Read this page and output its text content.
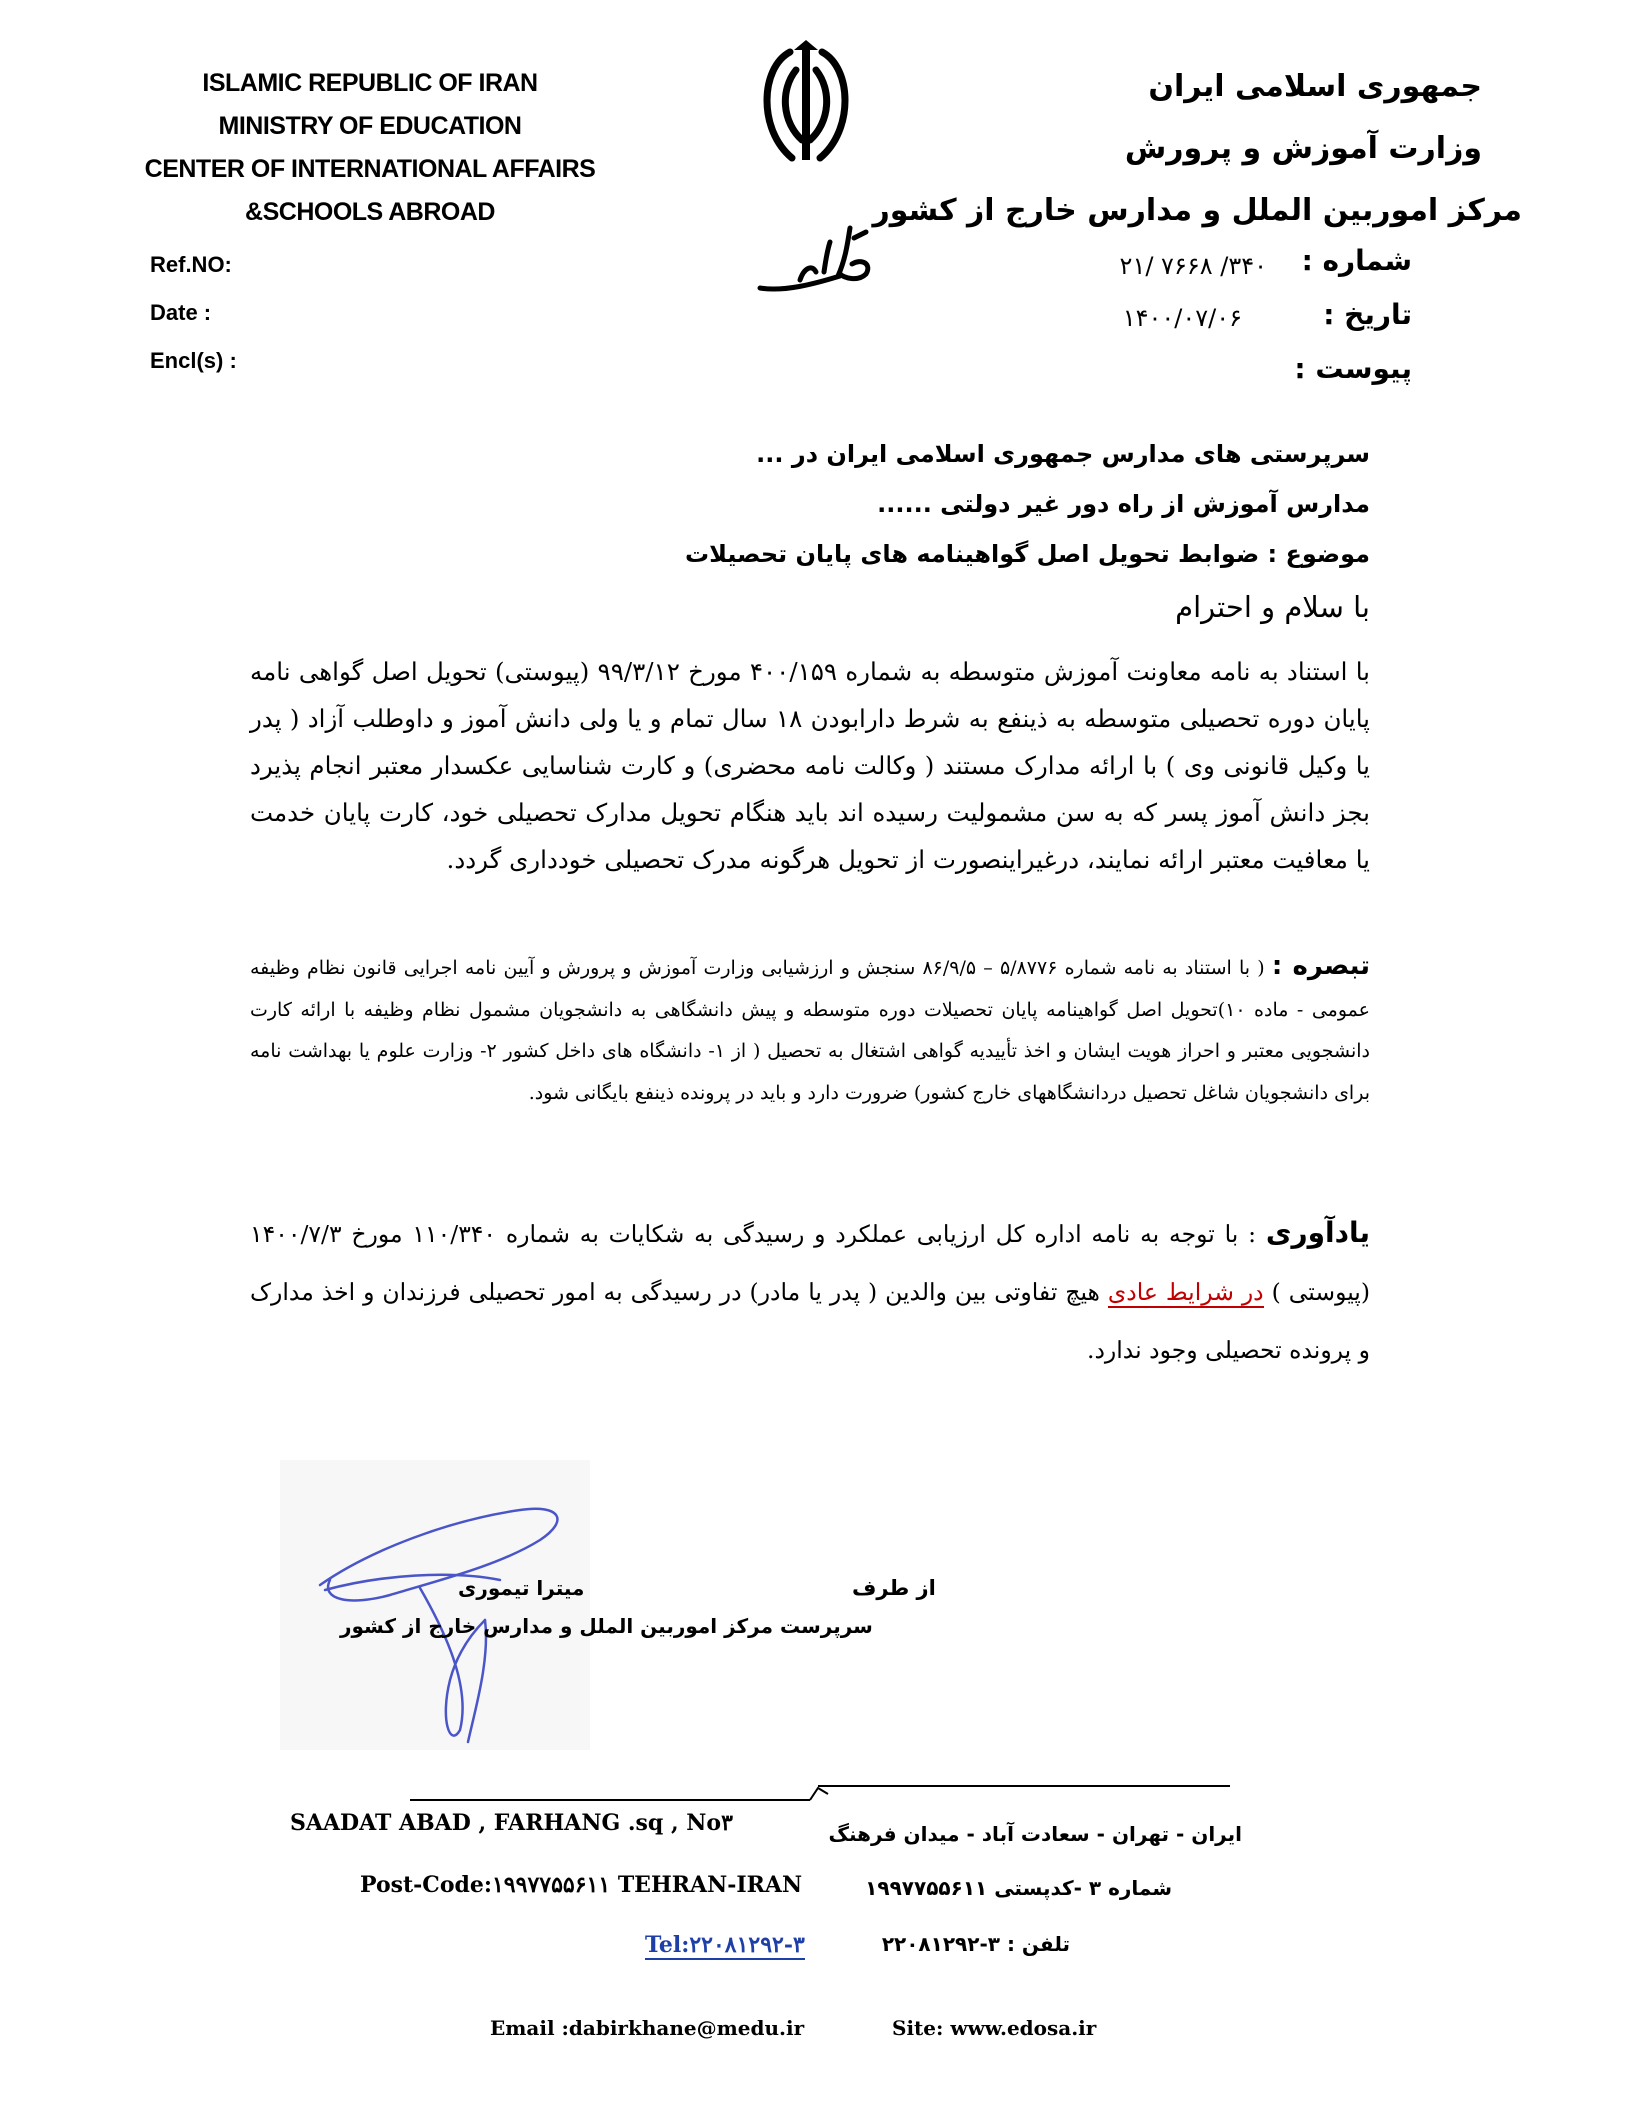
ISLAMIC REPUBLIC OF IRAN
MINISTRY OF EDUCATION
CENTER OF INTERNATIONAL AFFAIRS
&SCHOOLS ABROAD
جمهوری اسلامی ایران
وزارت آموزش و پرورش
مرکز اموربین الملل و مدارس خارج از کشور
Ref.NO:
Date :
Encl(s) :
شماره :
تاریخ :
پیوست :
۳۴۰/ ۷۶۶۸ /۲۱
۱۴۰۰/۰۷/۰۶
سرپرستی های مدارس جمهوری اسلامی ایران در ...
مدارس آموزش از راه دور غیر دولتی ......
موضوع : ضوابط تحویل اصل گواهینامه های پایان تحصیلات
با سلام و احترام
با استناد به نامه معاونت آموزش متوسطه به شماره ۴۰۰/۱۵۹ مورخ ۹۹/۳/۱۲ (پیوستی) تحویل اصل گواهی نامه پایان دوره تحصیلی متوسطه به ذینفع به شرط دارابودن ۱۸ سال تمام و یا ولی دانش آموز و داوطلب آزاد ( پدر یا وکیل قانونی وی ) با ارائه مدارک مستند ( وکالت نامه محضری) و کارت شناسایی عکسدار معتبر انجام پذیرد بجز دانش آموز پسر که به سن مشمولیت رسیده اند باید هنگام تحویل مدارک تحصیلی خود، کارت پایان خدمت یا معافیت معتبر ارائه نمایند، درغیراینصورت از تحویل هرگونه مدرک تحصیلی خودداری گردد.
تبصره : ( با استناد به نامه شماره ۵/۸۷۷۶ – ۸۶/۹/۵ سنجش و ارزشیابی وزارت آموزش و پرورش و آیین نامه اجرایی قانون نظام وظیفه عمومی - ماده ۱۰)تحویل اصل گواهینامه پایان تحصیلات دوره متوسطه و پیش دانشگاهی به دانشجویان مشمول نظام وظیفه با ارائه کارت دانشجویی معتبر و احراز هویت ایشان و اخذ تأییدیه گواهی اشتغال به تحصیل ( از ۱- دانشگاه های داخل کشور ۲- وزارت علوم یا بهداشت نامه برای دانشجویان شاغل تحصیل دردانشگاههای خارج کشور) ضرورت دارد و باید در پرونده ذینفع بایگانی شود.
یادآوری : با توجه به نامه اداره کل ارزیابی عملکرد و رسیدگی به شکایات به شماره ۱۱۰/۳۴۰ مورخ ۱۴۰۰/۷/۳ (پیوستی ) در شرایط عادی هیچ تفاوتی بین والدین ( پدر یا مادر) در رسیدگی به امور تحصیلی فرزندان و اخذ مدارک و پرونده تحصیلی وجود ندارد.
میترا تیموری
سرپرست مرکز اموربین الملل و مدارس خارج از کشور
از طرف
SAADAT ABAD , FARHANG .sq , No۳
Post-Code:۱۹۹۷۷۵۵۶۱۱ TEHRAN-IRAN
Tel:۲۲۰۸۱۲۹۲-۳
ایران - تهران - سعادت آباد - میدان فرهنگ
شماره ۳ -کدپستی ۱۹۹۷۷۵۵۶۱۱
تلفن : ۳-۲۲۰۸۱۲۹۲
Email :dabirkhane@medu.ir	Site: www.edosa.ir
